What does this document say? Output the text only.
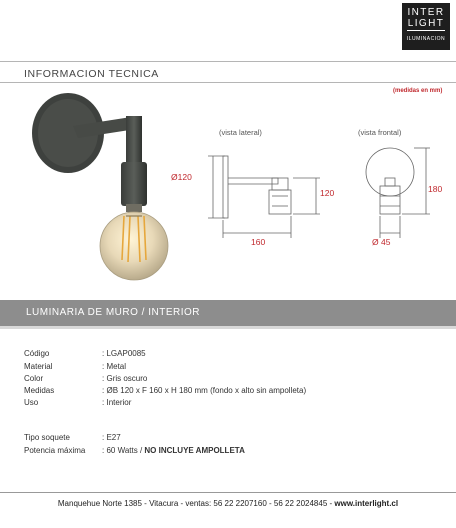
INTER
LIGHT
ILUMINACION
INFORMACION TECNICA
(medidas en mm)
(vista lateral)	(vista frontal)
Ø120
120
160
180
Ø 45
LUMINARIA DE MURO / INTERIOR
Código	: LGAP0085
Material	: Metal
Color	: Gris oscuro
Medidas	: ØB 120 x F 160 x H 180 mm (fondo x alto sin ampolleta)
Uso	: Interior
Tipo soquete	: E27
Potencia máxima	: 60 Watts / NO INCLUYE AMPOLLETA
Manquehue Norte 1385 - Vitacura - ventas: 56 22 2207160 - 56 22 2024845 - www.interlight.cl
